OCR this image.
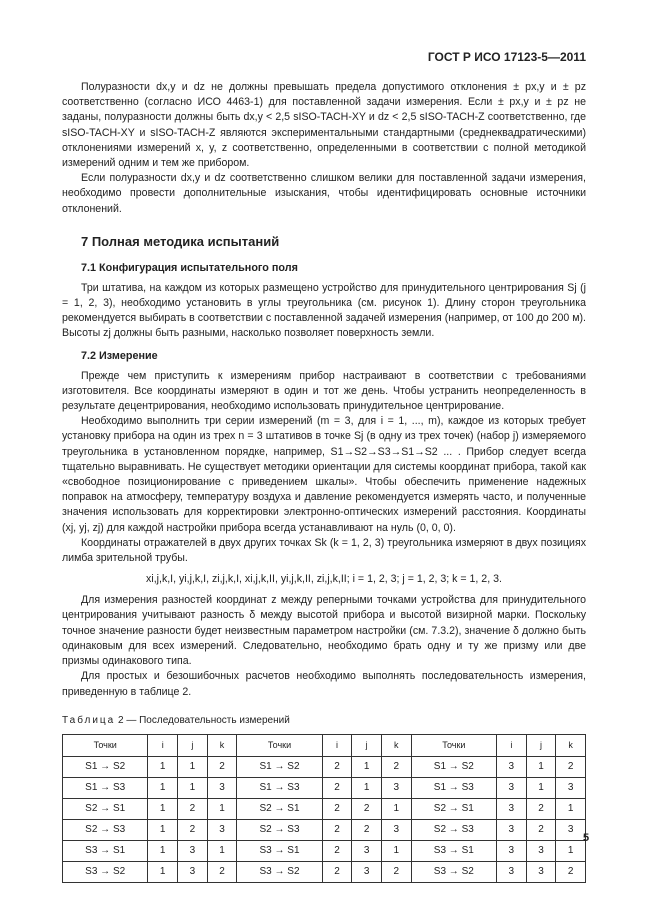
ГОСТ Р ИСО 17123-5—2011

Полуразности dx,y и dz не должны превышать предела допустимого отклонения ± px,y и ± pz соответственно (согласно ИСО 4463-1) для поставленной задачи измерения. Если ± px,y и ± pz не заданы, полуразности должны быть dx,y < 2,5 sISO-TACH-XY и dz < 2,5 sISO-TACH-Z соответственно, где sISO-TACH-XY и sISO-TACH-Z являются экспериментальными стандартными (среднеквадратическими) отклонениями измерений x, y, z соответственно, определенными в соответствии с полной методикой измерений одним и тем же прибором.

Если полуразности dx,y и dz соответственно слишком велики для поставленной задачи измерения, необходимо провести дополнительные изыскания, чтобы идентифицировать основные источники отклонений.

7 Полная методика испытаний
7.1 Конфигурация испытательного поля

Три штатива, на каждом из которых размещено устройство для принудительного центрирования Sj (j = 1, 2, 3), необходимо установить в углы треугольника (см. рисунок 1). Длину сторон треугольника рекомендуется выбирать в соответствии с поставленной задачей измерения (например, от 100 до 200 м). Высоты zj должны быть разными, насколько позволяет поверхность земли.

7.2 Измерение

Прежде чем приступить к измерениям прибор настраивают в соответствии с требованиями изготовителя. Все координаты измеряют в один и тот же день. Чтобы устранить неопределенность в результате децентрирования, необходимо использовать принудительное центрирование.

Необходимо выполнить три серии измерений (m = 3, для i = 1, ..., m), каждое из которых требует установку прибора на один из трех n = 3 штативов в точке Sj (в одну из трех точек) (набор j) измеряемого треугольника в установленном порядке, например, S1→S2→S3→S1→S2 ... . Прибор следует всегда тщательно выравнивать. Не существует методики ориентации для системы координат прибора, такой как «свободное позиционирование с приведением шкалы». Чтобы обеспечить применение надежных поправок на атмосферу, температуру воздуха и давление рекомендуется измерять часто, и полученные значения использовать для корректировки электронно-оптических измерений расстояния. Координаты (xj, yj, zj) для каждой настройки прибора всегда устанавливают на нуль (0, 0, 0).

Координаты отражателей в двух других точках Sk (k = 1, 2, 3) треугольника измеряют в двух позициях лимба зрительной трубы.

xi,j,k,I, yi,j,k,I, zi,j,k,I, xi,j,k,II, yi,j,k,II, zi,j,k,II; i = 1, 2, 3; j = 1, 2, 3; k = 1, 2, 3.

Для измерения разностей координат z между реперными точками устройства для принудительного центрирования учитывают разность δ между высотой прибора и высотой визирной марки. Поскольку точное значение разности будет неизвестным параметром настройки (см. 7.3.2), значение δ должно быть одинаковым для всех измерений. Следовательно, необходимо брать одну и ту же призму или две призмы одинакового типа.

Для простых и безошибочных расчетов необходимо выполнять последовательность измерения, приведенную в таблице 2.

Таблица 2 — Последовательность измерений
Точки	i	j	k	Точки	i	j	k	Точки	i	j	k
S1 → S2	1	1	2	S1 → S2	2	1	2	S1 → S2	3	1	2
S1 → S3	1	1	3	S1 → S3	2	1	3	S1 → S3	3	1	3
S2 → S1	1	2	1	S2 → S1	2	2	1	S2 → S1	3	2	1
S2 → S3	1	2	3	S2 → S3	2	2	3	S2 → S3	3	2	3
S3 → S1	1	3	1	S3 → S1	2	3	1	S3 → S1	3	3	1
S3 → S2	1	3	2	S3 → S2	2	3	2	S3 → S2	3	3	2
5
